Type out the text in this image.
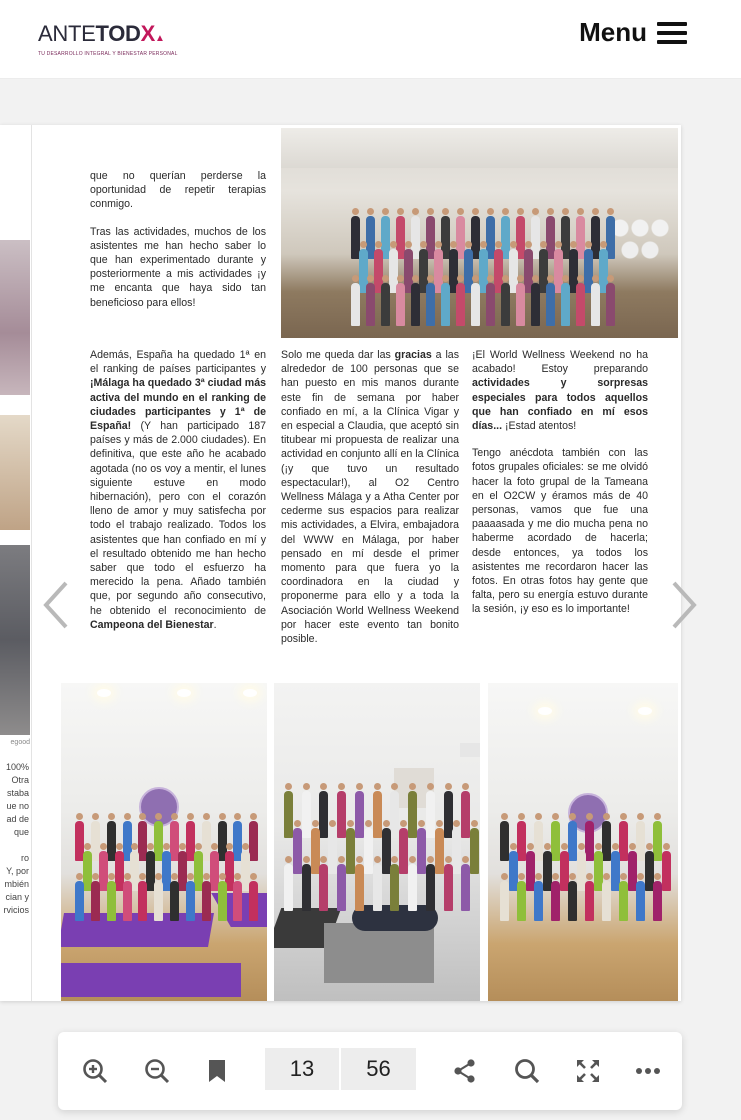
ANTETODX▲
TU DESARROLLO INTEGRAL Y BIENESTAR PERSONAL
Menu
egood
100%
Otra
staba
ue no
ad de
que
ro
Y, por
mbién
cian y
rvicios

que no querían perderse la oportunidad de repetir terapias conmigo.

Tras las actividades, muchos de los asistentes me han hecho saber lo que han experimentado durante y posteriormente a mis actividades ¡y me encanta que haya sido tan beneficioso para ellos!

Además, España ha quedado 1ª en el ranking de países participantes y ¡Málaga ha quedado 3ª ciudad más activa del mundo en el ranking de ciudades participantes y 1ª de España! (Y han participado 187 países y más de 2.000 ciudades). En definitiva, que este año he acabado agotada (no os voy a mentir, el lunes siguiente estuve en modo hibernación), pero con el corazón lleno de amor y muy satisfecha por todo el trabajo realizado. Todos los asistentes que han confiado en mí y el resultado obtenido me han hecho saber que todo el esfuerzo ha merecido la pena. Añado también que, por segundo año consecutivo, he obtenido el reconocimiento de Campeona del Bienestar.

Solo me queda dar las gracias a las alrededor de 100 personas que se han puesto en mis manos durante este fin de semana por haber confiado en mí, a la Clínica Vigar y en especial a Claudia, que aceptó sin titubear mi propuesta de realizar una actividad en conjunto allí en la Clínica (¡y que tuvo un resultado espectacular!), al O2 Centro Wellness Málaga y a Atha Center por cederme sus espacios para realizar mis actividades, a Elvira, embajadora del WWW en Málaga, por haber pensado en mí desde el primer momento para que fuera yo la coordinadora en la ciudad y proponerme para ello y a toda la Asociación World Wellness Weekend por hacer este evento tan bonito posible.

¡El World Wellness Weekend no ha acabado! Estoy preparando actividades y sorpresas especiales para todos aquellos que han confiado en mí esos días... ¡Estad atentos!

Tengo anécdota también con las fotos grupales oficiales: se me olvidó hacer la foto grupal de la Tameana en el O2CW y éramos más de 40 personas, vamos que fue una paaaasada y me dio mucha pena no haberme acordado de hacerla; desde entonces, ya todos los asistentes me recordaron hacer las fotos. En otras fotos hay gente que falta, pero su energía estuvo durante la sesión, ¡y eso es lo importante!

13	56
